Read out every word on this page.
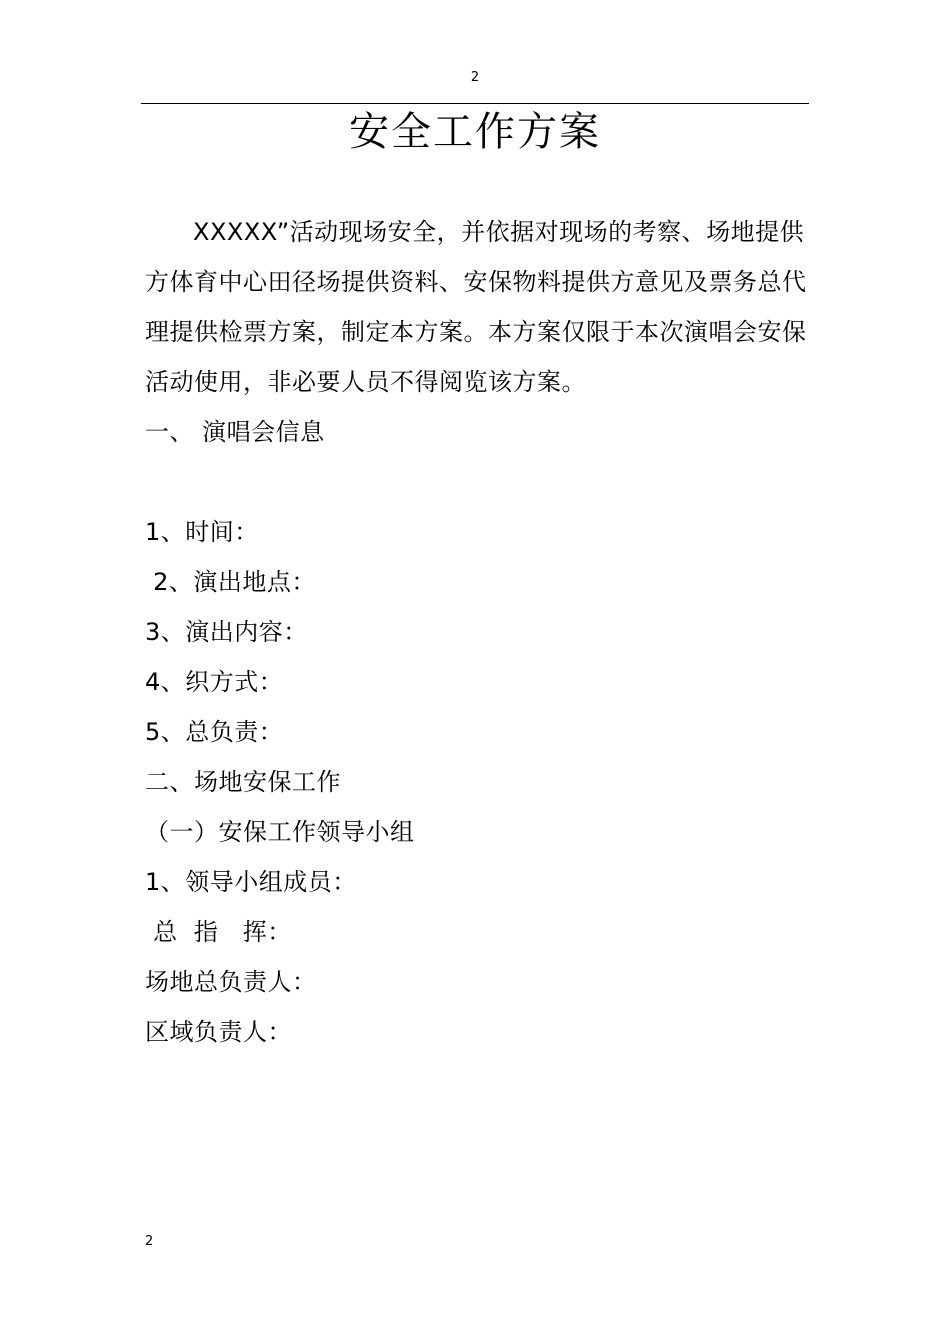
2
安全工作方案

XXXXX”活动现场安全，并依据对现场的考察、场地提供方体育中心田径场提供资料、安保物料提供方意见及票务总代理提供检票方案，制定本方案。本方案仅限于本次演唱会安保活动使用，非必要人员不得阅览该方案。

一、 演唱会信息

1、时间：

2、演出地点：

3、演出内容：

4、织方式：

5、总负责：

二、场地安保工作

（一）安保工作领导小组

1、领导小组成员：

总  指   挥：

场地总负责人：

区域负责人：

2
